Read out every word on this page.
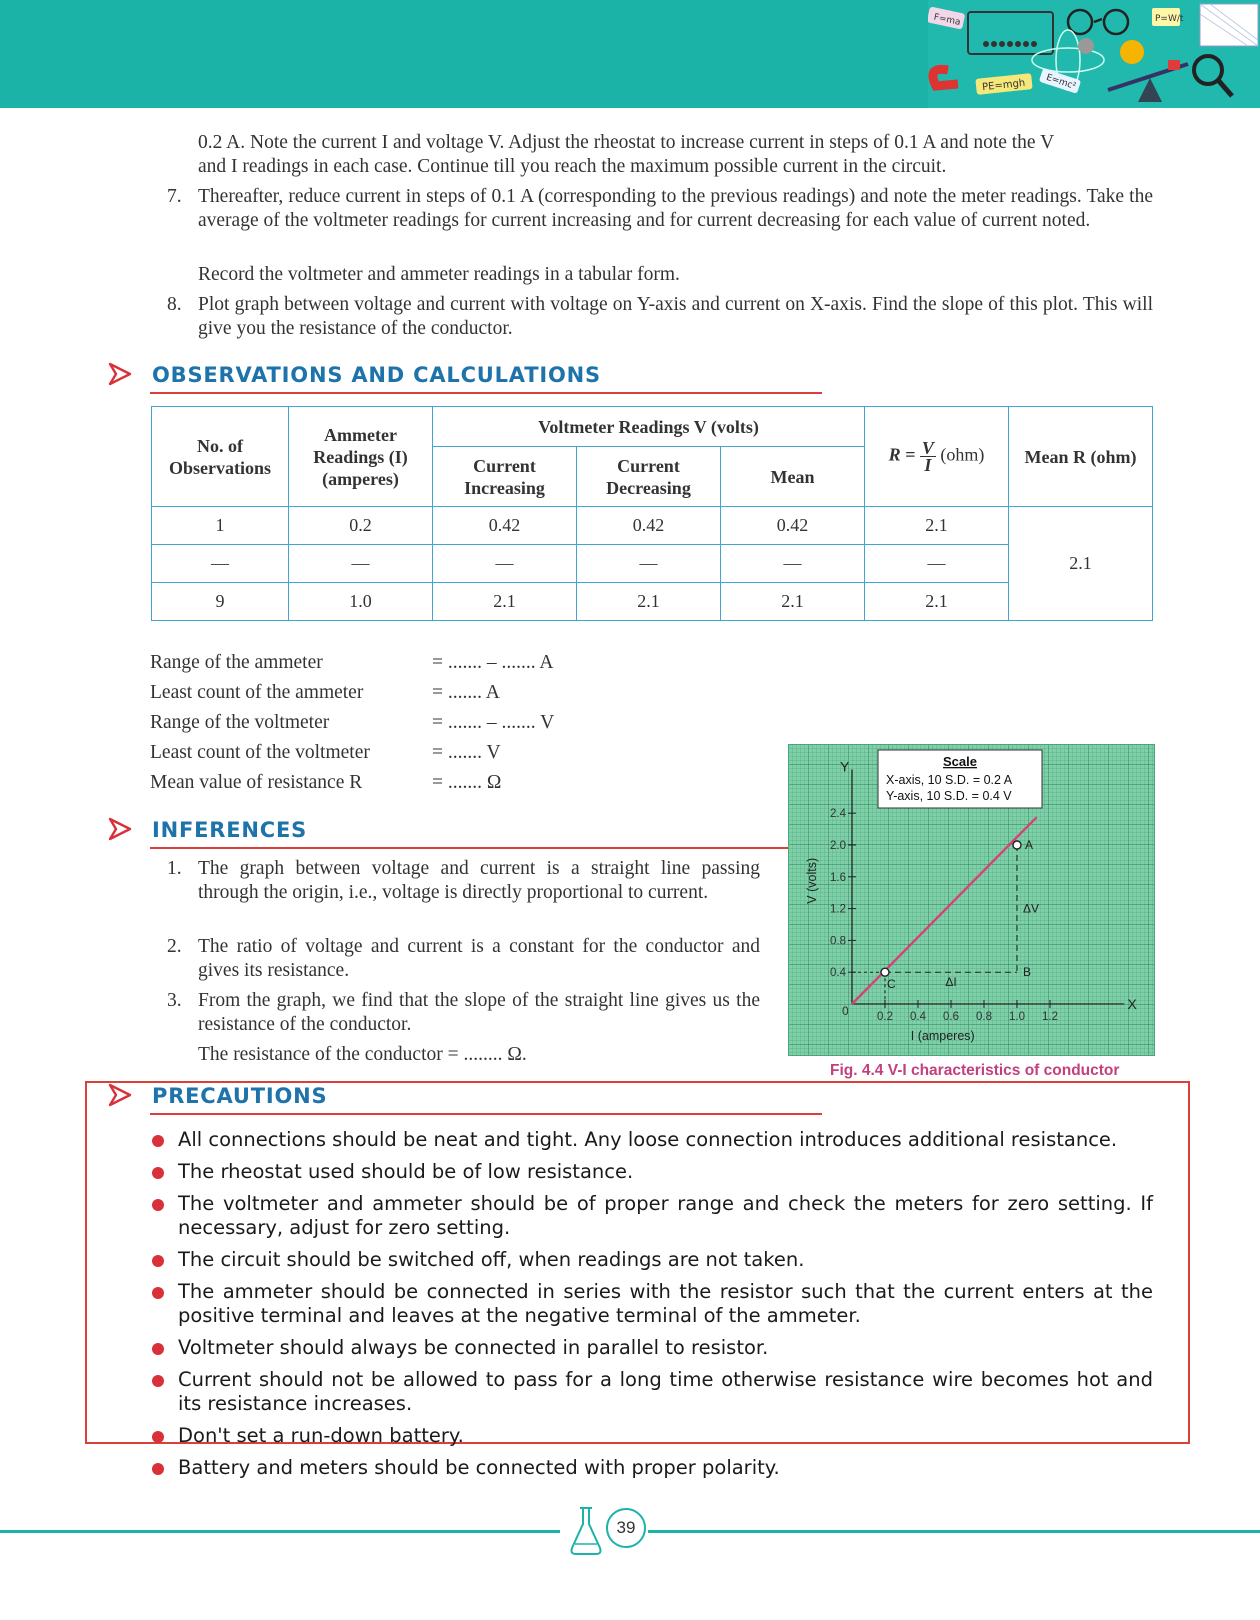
F=ma
PE=mgh E=mc²
P=W/t
0.2 A. Note the current I and voltage V. Adjust the rheostat to increase current in steps of 0.1 A and note the V
and I readings in each case. Continue till you reach the maximum possible current in the circuit.
7. Thereafter, reduce current in steps of 0.1 A (corresponding to the previous readings) and note the meter readings. Take the average of the voltmeter readings for current increasing and for current decreasing for each value of current noted.
Record the voltmeter and ammeter readings in a tabular form.
8. Plot graph between voltage and current with voltage on Y-axis and current on X-axis. Find the slope of this plot. This will give you the resistance of the conductor.
OBSERVATIONS AND CALCULATIONS
No. of Observations	Ammeter Readings (I) (amperes)	Voltmeter Readings V (volts)			$R = \frac{V}{I} (ohm)$	Mean R (ohm)
		Current Increasing	Current Decreasing	Mean		
1	0.2	0.42	0.42	0.42	2.1	2.1
—	—	—	—	—	—	
9	1.0	2.1	2.1	2.1	2.1	
Range of the ammeter	= ....... – ....... A
Least count of the ammeter	= ....... A
Range of the voltmeter	= ....... – ....... V
Least count of the voltmeter	= ....... V
Mean value of resistance R	= ....... Ω
INFERENCES
1. The graph between voltage and current is a straight line passing through the origin, i.e., voltage is directly proportional to current.
2. The ratio of voltage and current is a constant for the conductor and gives its resistance.
3. From the graph, we find that the slope of the straight line gives us the resistance of the conductor.
The resistance of the conductor = ........ Ω.
X
Y
0
I (amperes)
V (volts)
0.2 0.4 0.6 0.8 1.0 1.2
0.4
0.8
1.2
1.6
2.0
2.4
C
A
B
ΔI
ΔV
Scale
X-axis, 10 S.D. = 0.2 A
Y-axis, 10 S.D. = 0.4 V
Fig. 4.4 V-I characteristics of conductor
PRECAUTIONS
All connections should be neat and tight. Any loose connection introduces additional resistance.
The rheostat used should be of low resistance.
The voltmeter and ammeter should be of proper range and check the meters for zero setting. If necessary, adjust for zero setting.
The circuit should be switched off, when readings are not taken.
The ammeter should be connected in series with the resistor such that the current enters at the positive terminal and leaves at the negative terminal of the ammeter.
Voltmeter should always be connected in parallel to resistor.
Current should not be allowed to pass for a long time otherwise resistance wire becomes hot and its resistance increases.
Don't set a run-down battery.
Battery and meters should be connected with proper polarity.
39
